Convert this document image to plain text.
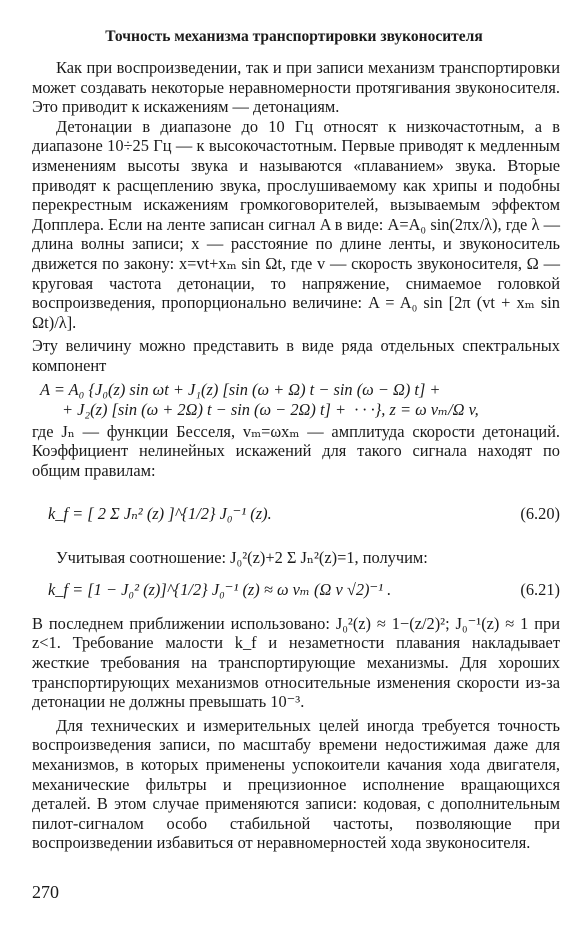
Точность механизма транспортировки звуконосителя

Как при воспроизведении, так и при записи механизм транспортировки может создавать некоторые неравномерности протягивания звуконосителя. Это приводит к искажениям — детонациям.

Детонации в диапазоне до 10 Гц относят к низкочастотным, а в диапазоне 10÷25 Гц — к высокочастотным. Первые приводят к медленным изменениям высоты звука и называются «плаванием» звука. Вторые приводят к расщеплению звука, прослушиваемому как хрипы и подобны перекрестным искажениям громкоговорителей, вызываемым эффектом Допплера. Если на ленте записан сигнал A в виде: A=A₀ sin(2πx/λ), где λ — длина волны записи; x — расстояние по длине ленты, и звуконоситель движется по закону: x=vt+xₘ sin Ωt, где v — скорость звуконосителя, Ω — круговая частота детонации, то напряжение, снимаемое головкой воспроизведения, пропорционально величине: A = A₀ sin [2π (vt + xₘ sin Ωt)/λ].

Эту величину можно представить в виде ряда отдельных спектральных компонент

A = A₀ {J₀(z) sin ωt + J₁(z) [sin (ω + Ω) t − sin (ω − Ω) t] +
+ J₂(z) [sin (ω + 2Ω) t − sin (ω − 2Ω) t] +  · · ·}, z = ω vₘ/Ω v,

где Jₙ — функции Бесселя, vₘ=ωxₘ — амплитуда скорости детонаций. Коэффициент нелинейных искажений для такого сигнала находят по общим правилам:

k_f = [ 2 Σ Jₙ² (z) ]^{1/2} J₀⁻¹ (z).	(6.20)

Учитывая соотношение: J₀²(z)+2 Σ Jₙ²(z)=1, получим:

k_f = [1 − J₀² (z)]^{1/2} J₀⁻¹ (z) ≈ ω vₘ (Ω v √2)⁻¹ .	(6.21)

В последнем приближении использовано: J₀²(z) ≈ 1−(z/2)²; J₀⁻¹(z) ≈ 1 при z<1. Требование малости k_f и незаметности плавания накладывает жесткие требования на транспортирующие механизмы. Для хороших транспортирующих механизмов относительные изменения скорости из-за детонации не должны превышать 10⁻³.

Для технических и измерительных целей иногда требуется точность воспроизведения записи, по масштабу времени недостижимая даже для механизмов, в которых применены успокоители качания хода двигателя, механические фильтры и прецизионное исполнение вращающихся деталей. В этом случае применяются записи: кодовая, с дополнительным пилот-сигналом особо стабильной частоты, позволяющие при воспроизведении избавиться от неравномерностей хода звуконосителя.

270
